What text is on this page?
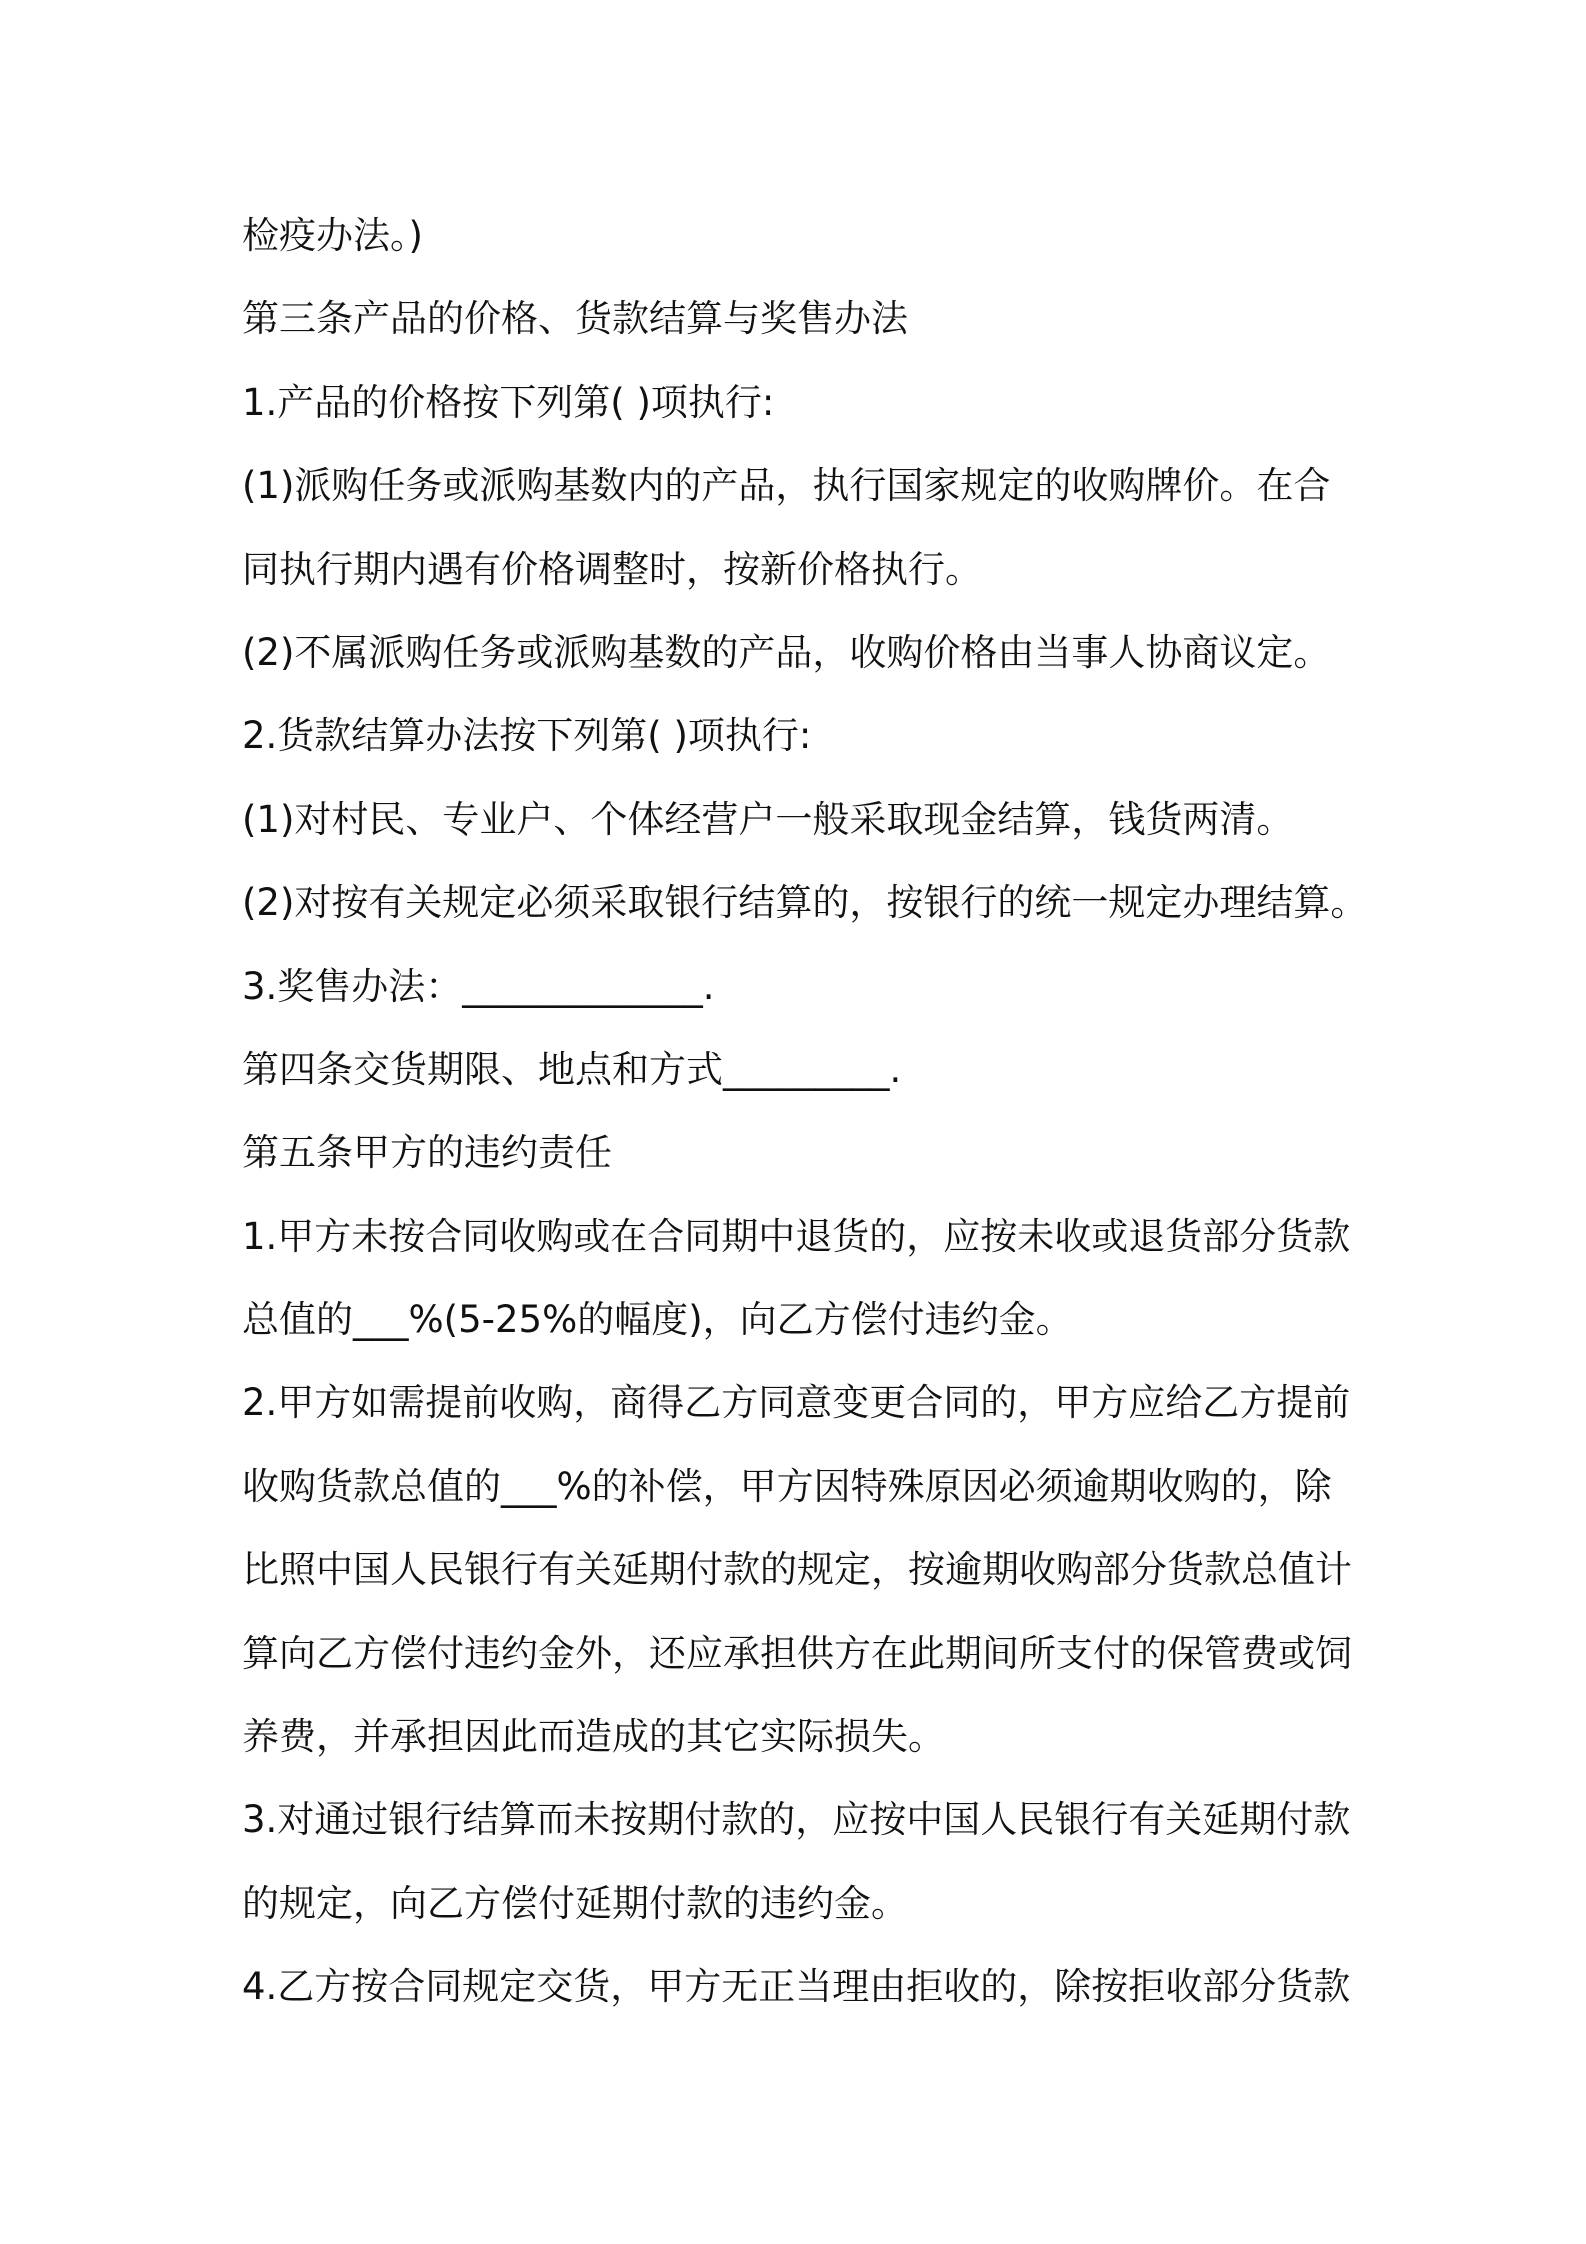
检疫办法。)

第三条产品的价格、货款结算与奖售办法

1.产品的价格按下列第( )项执行:

(1)派购任务或派购基数内的产品，执行国家规定的收购牌价。在合

同执行期内遇有价格调整时，按新价格执行。

(2)不属派购任务或派购基数的产品，收购价格由当事人协商议定。

2.货款结算办法按下列第( )项执行:

(1)对村民、专业户、个体经营户一般采取现金结算，钱货两清。

(2)对按有关规定必须采取银行结算的，按银行的统一规定办理结算。

3.奖售办法：_____________.

第四条交货期限、地点和方式_________.

第五条甲方的违约责任

1.甲方未按合同收购或在合同期中退货的，应按未收或退货部分货款

总值的___%(5-25%的幅度)，向乙方偿付违约金。

2.甲方如需提前收购，商得乙方同意变更合同的，甲方应给乙方提前

收购货款总值的___%的补偿，甲方因特殊原因必须逾期收购的，除

比照中国人民银行有关延期付款的规定，按逾期收购部分货款总值计

算向乙方偿付违约金外，还应承担供方在此期间所支付的保管费或饲

养费，并承担因此而造成的其它实际损失。

3.对通过银行结算而未按期付款的，应按中国人民银行有关延期付款

的规定，向乙方偿付延期付款的违约金。

4.乙方按合同规定交货，甲方无正当理由拒收的，除按拒收部分货款
